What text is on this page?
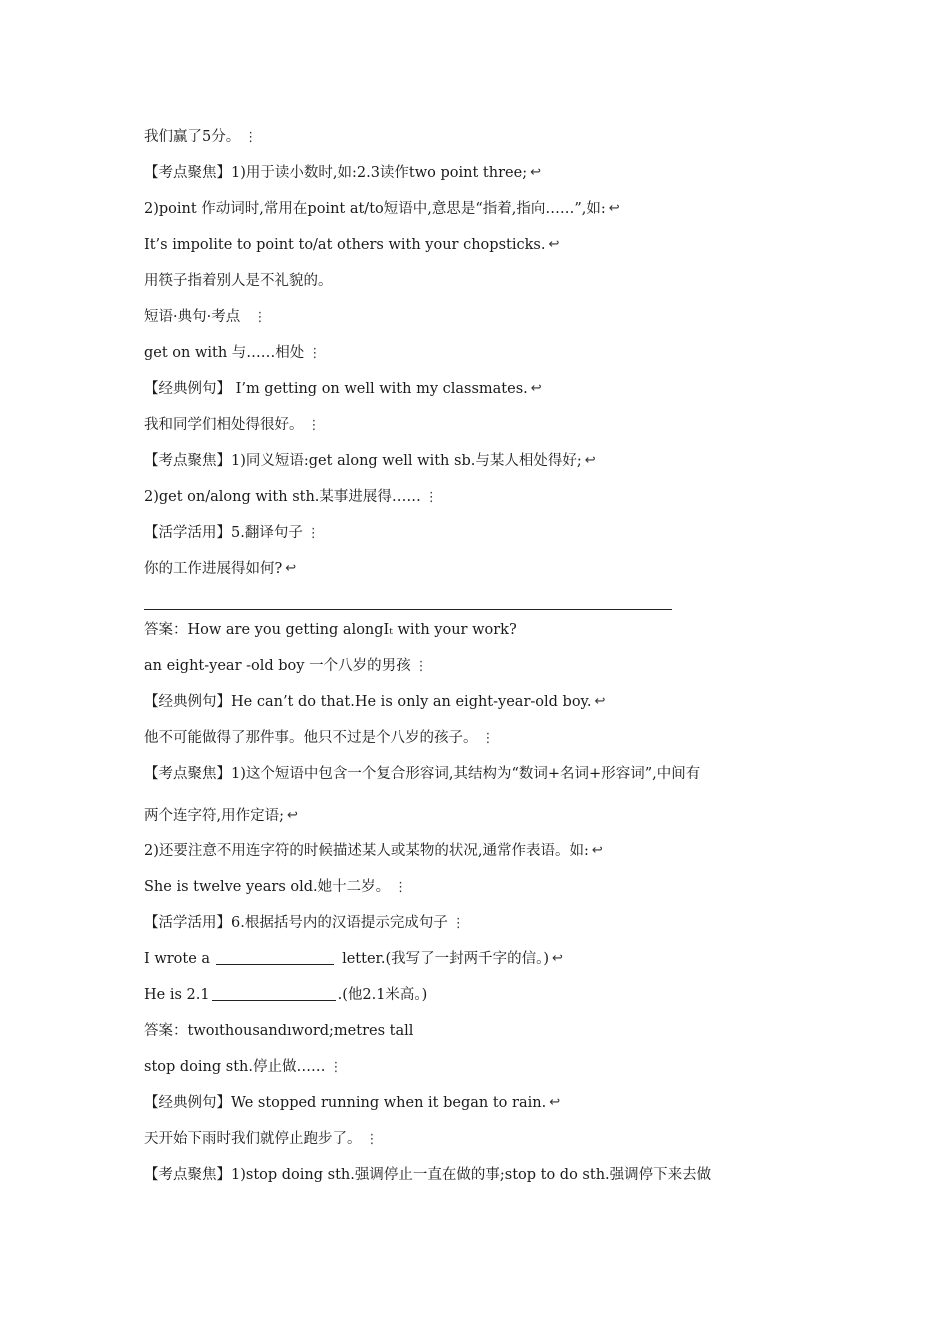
我们赢了5分。 ⋮
【考点聚焦】1)用于读小数时,如:2.3读作two point three; ↩
2)point 作动词时,常用在point at/to短语中,意思是“指着,指向……”,如: ↩
It’s impolite to point to/at others with your chopsticks. ↩
用筷子指着别人是不礼貌的。
短语·典句·考点  ⋮
get on with 与……相处 ⋮
【经典例句】 I’m getting on well with my classmates. ↩
我和同学们相处得很好。 ⋮
【考点聚焦】1)同义短语:get along well with sb.与某人相处得好; ↩
2)get on/along with sth.某事进展得…… ⋮
【活学活用】5.翻译句子 ⋮
你的工作进展得如何? ↩
答案：How are you getting alongIₜ with your work?
an eight-year -old boy 一个八岁的男孩 ⋮
【经典例句】He can’t do that.He is only an eight-year-old boy. ↩
他不可能做得了那件事。他只不过是个八岁的孩子。 ⋮
【考点聚焦】1)这个短语中包含一个复合形容词,其结构为“数词+名词+形容词”,中间有
两个连字符,用作定语; ↩
2)还要注意不用连字符的时候描述某人或某物的状况,通常作表语。如: ↩
She is twelve years old.她十二岁。 ⋮
【活学活用】6.根据括号内的汉语提示完成句子 ⋮
I wrote a	letter.(我写了一封两千字的信。) ↩
He is 2.1	.(他2.1米高。)
答案：twoıthousandıword;metres tall
stop doing sth.停止做…… ⋮
【经典例句】We stopped running when it began to rain. ↩
天开始下雨时我们就停止跑步了。 ⋮
【考点聚焦】1)stop doing sth.强调停止一直在做的事;stop to do sth.强调停下来去做
